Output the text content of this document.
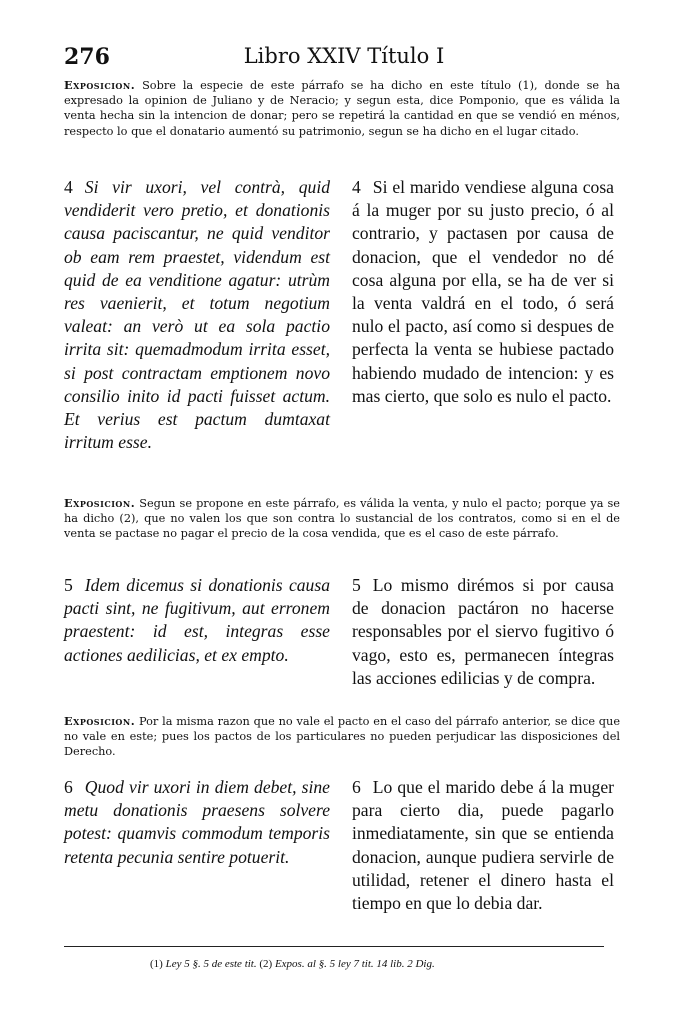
276	Libro XXIV Título I
Exposicion. Sobre la especie de este párrafo se ha dicho en este título (1), donde se ha expresado la opinion de Juliano y de Neracio; y segun esta, dice Pomponio, que es válida la venta hecha sin la intencion de donar; pero se repetirá la cantidad en que se vendió en ménos, respecto lo que el donatario aumentó su patrimonio, segun se ha dicho en el lugar citado.
4 Si vir uxori, vel contrà, quid vendiderit vero pretio, et donationis causa paciscantur, ne quid venditor ob eam rem praestet, videndum est quid de ea venditione agatur: utrùm res vaenierit, et totum negotium valeat: an verò ut ea sola pactio irrita sit: quemadmodum irrita esset, si post contractam emptionem novo consilio inito id pacti fuisset actum. Et verius est pactum dumtaxat irritum esse.
4 Si el marido vendiese alguna cosa á la muger por su justo precio, ó al contrario, y pactasen por causa de donacion, que el vendedor no dé cosa alguna por ella, se ha de ver si la venta valdrá en el todo, ó será nulo el pacto, así como si despues de perfecta la venta se hubiese pactado habiendo mudado de intencion: y es mas cierto, que solo es nulo el pacto.
Exposicion. Segun se propone en este párrafo, es válida la venta, y nulo el pacto; porque ya se ha dicho (2), que no valen los que son contra lo sustancial de los contratos, como si en el de venta se pactase no pagar el precio de la cosa vendida, que es el caso de este párrafo.
5 Idem dicemus si donationis causa pacti sint, ne fugitivum, aut erronem praestent: id est, integras esse actiones aedilicias, et ex empto.
5 Lo mismo dirémos si por causa de donacion pactáron no hacerse responsables por el siervo fugitivo ó vago, esto es, permanecen íntegras las acciones edilicias y de compra.
Exposicion. Por la misma razon que no vale el pacto en el caso del párrafo anterior, se dice que no vale en este; pues los pactos de los particulares no pueden perjudicar las disposiciones del Derecho.
6 Quod vir uxori in diem debet, sine metu donationis praesens solvere potest: quamvis commodum temporis retenta pecunia sentire potuerit.
6 Lo que el marido debe á la muger para cierto dia, puede pagarlo inmediatamente, sin que se entienda donacion, aunque pudiera servirle de utilidad, retener el dinero hasta el tiempo en que lo debia dar.
(1) Ley 5 §. 5 de este tit. (2) Expos. al §. 5 ley 7 tit. 14 lib. 2 Dig.
